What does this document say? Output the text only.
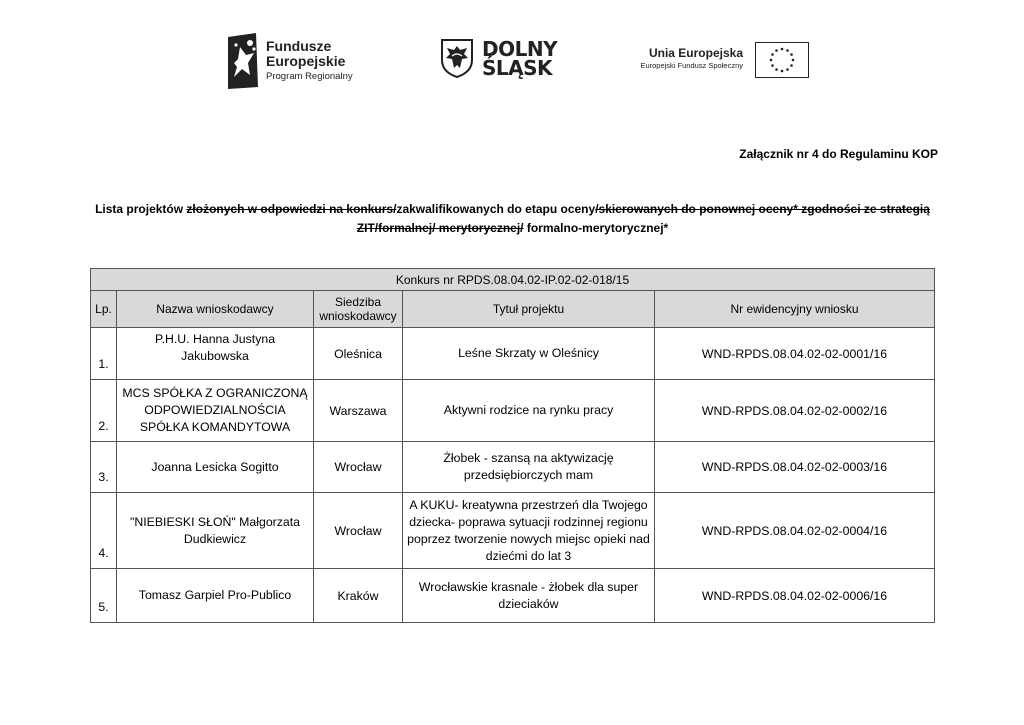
Fundusze
Europejskie
Program Regionalny
DOLNY
ŚLĄSK
Unia Europejska
Europejski Fundusz Społeczny
Załącznik nr 4 do Regulaminu KOP
Lista projektów złożonych w odpowiedzi na konkurs/zakwalifikowanych do etapu oceny/skierowanych do ponownej oceny* zgodności ze strategią ZIT/formalnej/ merytorycznej/ formalno-merytorycznej*
Konkurs nr RPDS.08.04.02-IP.02-02-018/15				
Lp.	Nazwa wnioskodawcy	Siedziba wnioskodawcy	Tytuł projektu	Nr ewidencyjny wniosku
1.	P.H.U. Hanna Justyna Jakubowska	Oleśnica	Leśne Skrzaty w Oleśnicy	WND-RPDS.08.04.02-02-0001/16
2.	MCS SPÓŁKA Z OGRANICZONĄ ODPOWIEDZIALNOŚCIA SPÓŁKA KOMANDYTOWA	Warszawa	Aktywni rodzice na rynku pracy	WND-RPDS.08.04.02-02-0002/16
3.	Joanna Lesicka Sogitto	Wrocław	Żłobek - szansą na aktywizację przedsiębiorczych mam	WND-RPDS.08.04.02-02-0003/16
4.	"NIEBIESKI SŁOŃ" Małgorzata Dudkiewicz	Wrocław	A KUKU- kreatywna przestrzeń dla Twojego dziecka- poprawa sytuacji rodzinnej regionu poprzez tworzenie nowych miejsc opieki nad dziećmi do lat 3	WND-RPDS.08.04.02-02-0004/16
5.	Tomasz Garpiel Pro-Publico	Kraków	Wrocławskie krasnale - żłobek dla super dzieciaków	WND-RPDS.08.04.02-02-0006/16
